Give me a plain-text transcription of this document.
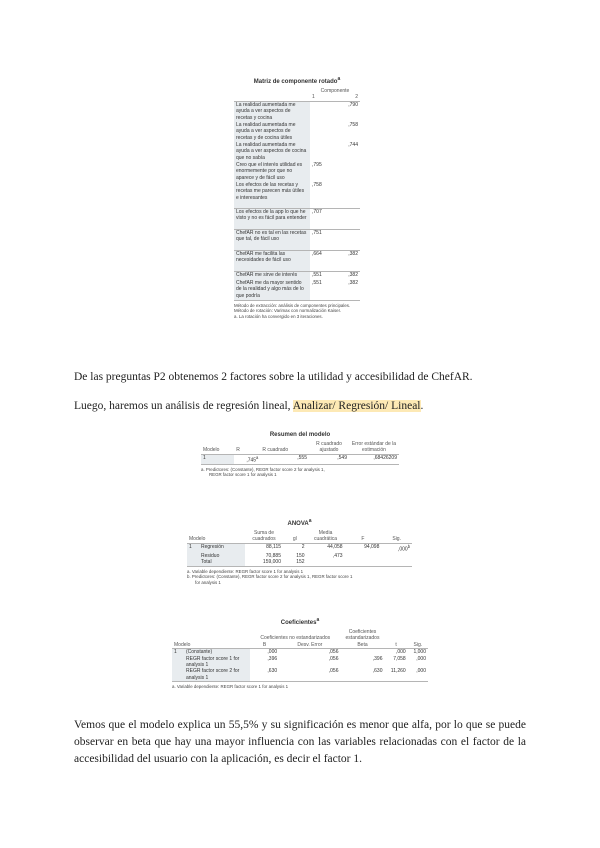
Matriz de componente rotado$^a$
	Componente	
	1	2
La realidad aumentada me ayuda a ver aspectos de recetas y cocina		,790
La realidad aumentada me ayuda a ver aspectos de recetas y de cocina útiles		,758
La realidad aumentada me ayuda a ver aspectos de cocina que no sabía		,744
Creo que el interés utilidad es enormemente por que no aparece y de fácil uso	,795	
Los efectos de las recetas y recetas me parecen más útiles e interesantes	,758	
Los efectos de la app lo que he visto y no es fácil para entender	,707	
ChefAR no es tal en las recetas que tal, de fácil uso	,751	
ChefAR me facilita las necesidades de fácil uso	,664	,382
ChefAR me sirve de interés	,551	,382
ChefAR me da mayor sentido de la realidad y algo más de lo que podría	,551	,382
Método de extracción: análisis de componentes principales.
Método de rotación: Varimax con normalización Kaiser.
a. La rotación ha convergido en 3 iteraciones.
De las preguntas P2 obtenemos 2 factores sobre la utilidad y accesibilidad de ChefAR.
Luego, haremos un análisis de regresión lineal, Analizar/ Regresión/ Lineal.
Resumen del modelo
Modelo	R	R cuadrado	R cuadrado ajustado	Error estándar de la estimación
1	,745$^a$	,555	,549	,68426209
a. Predictores: (Constante), REGR factor score 2 for analysis 1,
REGR factor score 1 for analysis 1
ANOVA$^a$
Modelo		Suma de cuadrados	gl	Media cuadrática	F	Sig.
1	Regresión	88,115	2	44,058	94,098	,000$^b$
	Residuo	70,885	150	,473		
	Total	159,000	152			
a. Variable dependiente: REGR factor score 1 for analysis 1
b. Predictores: (Constante), REGR factor score 2 for analysis 1, REGR factor score 1
for analysis 1
Coeficientes$^a$
		Coeficientes no estandarizados		Coeficientes estandarizados		
Modelo		B	Desv. Error	Beta	t	Sig.
1	(Constante)	,000	,056		,000	1,000
	REGR factor score 1 for analysis 1	,396	,056	,396	7,058	,000
	REGR factor score 2 for analysis 1	,630	,056	,630	11,260	,000
a. Variable dependiente: REGR factor score 1 for analysis 1
Vemos que el modelo explica un 55,5% y su significación es menor que alfa, por lo que se puede observar en beta que hay una mayor influencia con las variables relacionadas con el factor de la accesibilidad del usuario con la aplicación, es decir el factor 1.
